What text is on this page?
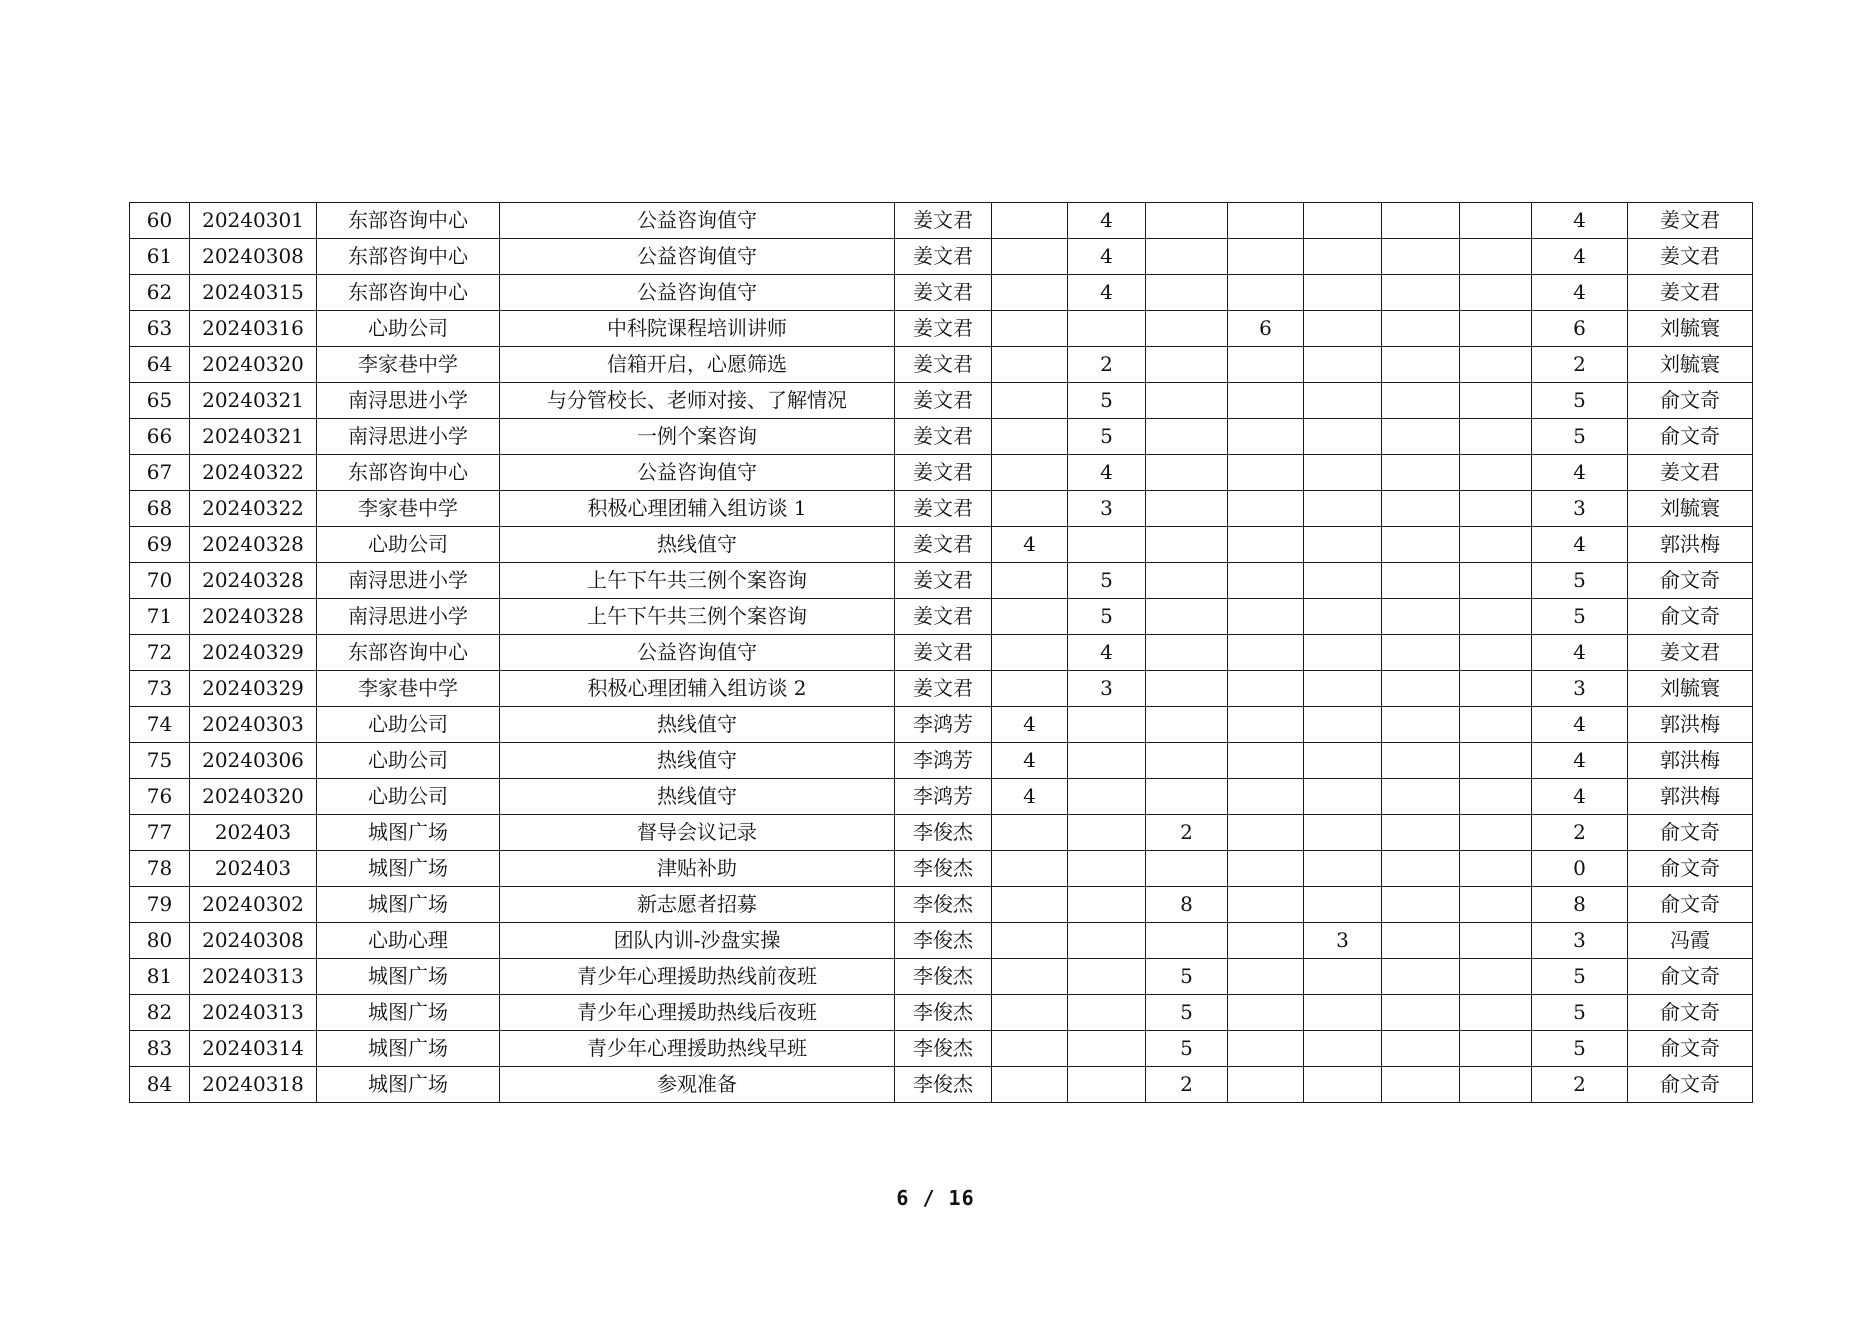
60	20240301	东部咨询中心	公益咨询值守	姜文君		4						4	姜文君
61	20240308	东部咨询中心	公益咨询值守	姜文君		4						4	姜文君
62	20240315	东部咨询中心	公益咨询值守	姜文君		4						4	姜文君
63	20240316	心助公司	中科院课程培训讲师	姜文君				6				6	刘毓寰
64	20240320	李家巷中学	信箱开启，心愿筛选	姜文君		2						2	刘毓寰
65	20240321	南浔思进小学	与分管校长、老师对接、了解情况	姜文君		5						5	俞文奇
66	20240321	南浔思进小学	一例个案咨询	姜文君		5						5	俞文奇
67	20240322	东部咨询中心	公益咨询值守	姜文君		4						4	姜文君
68	20240322	李家巷中学	积极心理团辅入组访谈 1	姜文君		3						3	刘毓寰
69	20240328	心助公司	热线值守	姜文君	4							4	郭洪梅
70	20240328	南浔思进小学	上午下午共三例个案咨询	姜文君		5						5	俞文奇
71	20240328	南浔思进小学	上午下午共三例个案咨询	姜文君		5						5	俞文奇
72	20240329	东部咨询中心	公益咨询值守	姜文君		4						4	姜文君
73	20240329	李家巷中学	积极心理团辅入组访谈 2	姜文君		3						3	刘毓寰
74	20240303	心助公司	热线值守	李鸿芳	4							4	郭洪梅
75	20240306	心助公司	热线值守	李鸿芳	4							4	郭洪梅
76	20240320	心助公司	热线值守	李鸿芳	4							4	郭洪梅
77	202403	城图广场	督导会议记录	李俊杰			2					2	俞文奇
78	202403	城图广场	津贴补助	李俊杰								0	俞文奇
79	20240302	城图广场	新志愿者招募	李俊杰			8					8	俞文奇
80	20240308	心助心理	团队内训-沙盘实操	李俊杰					3			3	冯霞
81	20240313	城图广场	青少年心理援助热线前夜班	李俊杰			5					5	俞文奇
82	20240313	城图广场	青少年心理援助热线后夜班	李俊杰			5					5	俞文奇
83	20240314	城图广场	青少年心理援助热线早班	李俊杰			5					5	俞文奇
84	20240318	城图广场	参观准备	李俊杰			2					2	俞文奇
6 / 16
